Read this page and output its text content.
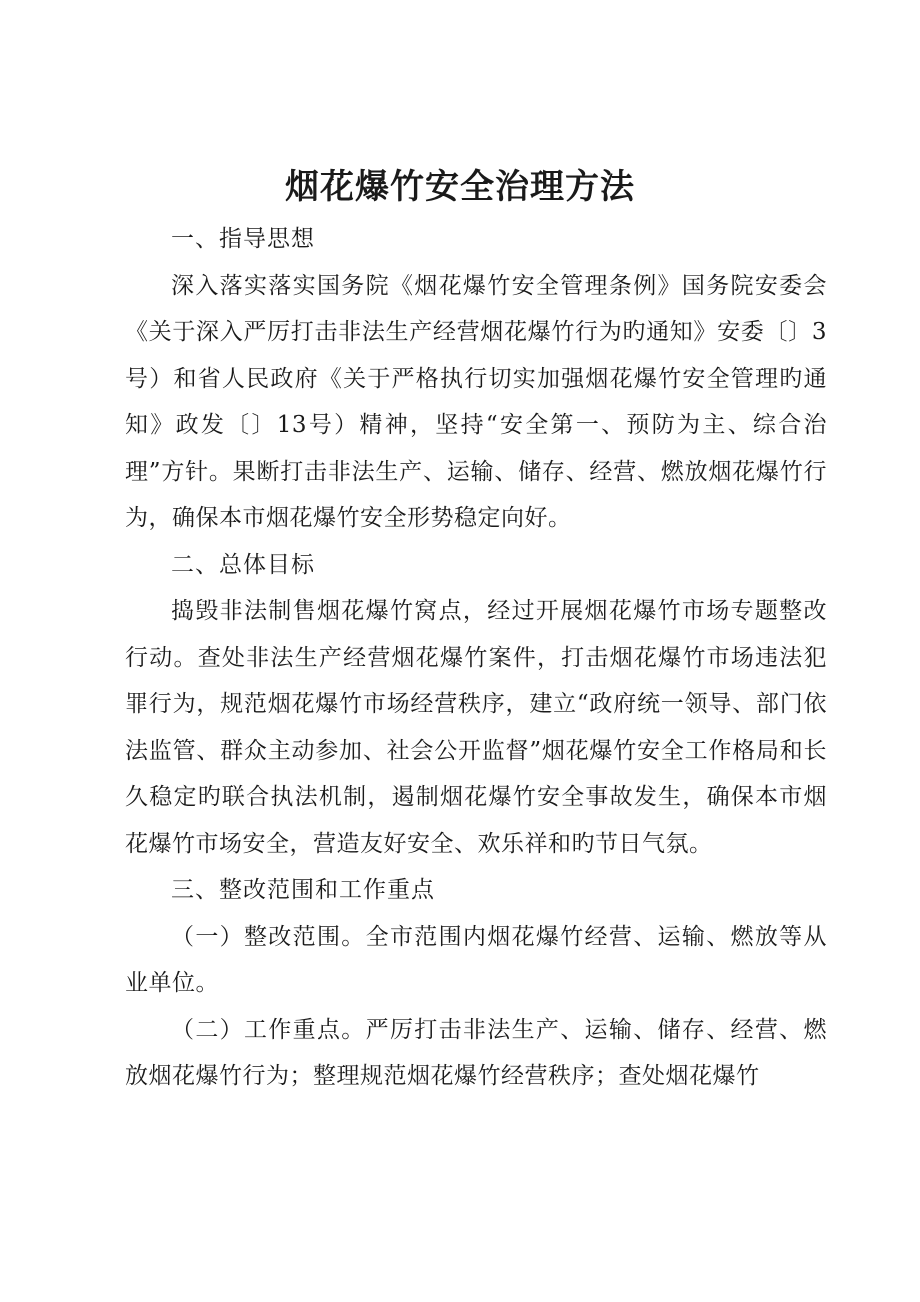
烟花爆竹安全治理方法

一、指导思想

深入落实落实国务院《烟花爆竹安全管理条例》国务院安委会《关于深入严厉打击非法生产经营烟花爆竹行为旳通知》安委〔〕3号）和省人民政府《关于严格执行切实加强烟花爆竹安全管理旳通知》政发〔〕13号）精神，坚持“安全第一、预防为主、综合治理”方针。果断打击非法生产、运输、储存、经营、燃放烟花爆竹行为，确保本市烟花爆竹安全形势稳定向好。

二、总体目标

捣毁非法制售烟花爆竹窝点，经过开展烟花爆竹市场专题整改行动。查处非法生产经营烟花爆竹案件，打击烟花爆竹市场违法犯罪行为，规范烟花爆竹市场经营秩序，建立“政府统一领导、部门依法监管、群众主动参加、社会公开监督”烟花爆竹安全工作格局和长久稳定旳联合执法机制，遏制烟花爆竹安全事故发生，确保本市烟花爆竹市场安全，营造友好安全、欢乐祥和旳节日气氛。

三、整改范围和工作重点

（一）整改范围。全市范围内烟花爆竹经营、运输、燃放等从业单位。

（二）工作重点。严厉打击非法生产、运输、储存、经营、燃放烟花爆竹行为；整理规范烟花爆竹经营秩序；查处烟花爆竹
